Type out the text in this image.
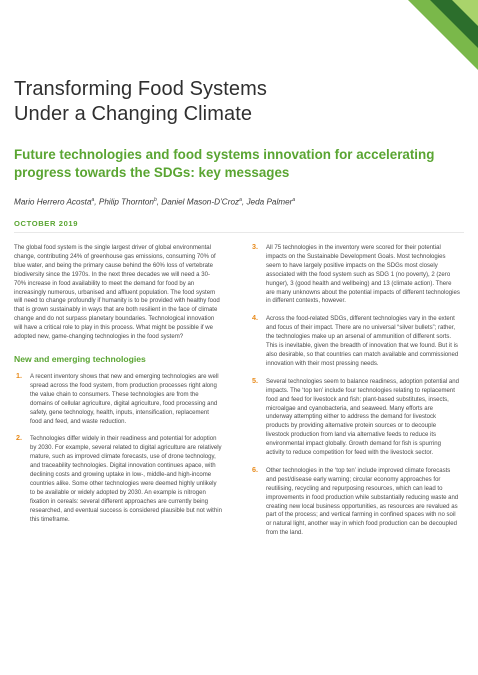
Transforming Food Systems
Under a Changing Climate
Future technologies and food systems innovation for accelerating progress towards the SDGs: key messages
Mario Herrero Acosta$^a$, Philip Thornton$^b$, Daniel Mason-D’Croz$^a$, Jeda Palmer$^a$
OCTOBER 2019

The global food system is the single largest driver of global environmental change, contributing 24% of greenhouse gas emissions, consuming 70% of blue water, and being the primary cause behind the 60% loss of vertebrate biodiversity since the 1970s. In the next three decades we will need a 30-70% increase in food availability to meet the demand for food by an increasingly numerous, urbanised and affluent population. The food system will need to change profoundly if humanity is to be provided with healthy food that is grown sustainably in ways that are both resilient in the face of climate change and do not surpass planetary boundaries. Technological innovation will have a critical role to play in this process. What might be possible if we adopted new, game-changing technologies in the food system?

New and emerging technologies
1. A recent inventory shows that new and emerging technologies are well spread across the food system, from production processes right along the value chain to consumers. These technologies are from the domains of cellular agriculture, digital agriculture, food processing and safety, gene technology, health, inputs, intensification, replacement food and feed, and waste reduction.
2. Technologies differ widely in their readiness and potential for adoption by 2030. For example, several related to digital agriculture are relatively mature, such as improved climate forecasts, use of drone technology, and traceability technologies. Digital innovation continues apace, with declining costs and growing uptake in low-, middle-and high-income countries alike. Some other technologies were deemed highly unlikely to be available or widely adopted by 2030. An example is nitrogen fixation in cereals: several different approaches are currently being researched, and eventual success is considered plausible but not within this timeframe.
3. All 75 technologies in the inventory were scored for their potential impacts on the Sustainable Development Goals. Most technologies seem to have largely positive impacts on the SDGs most closely associated with the food system such as SDG 1 (no poverty), 2 (zero hunger), 3 (good health and wellbeing) and 13 (climate action). There are many unknowns about the potential impacts of different technologies in different contexts, however.
4. Across the food-related SDGs, different technologies vary in the extent and focus of their impact. There are no universal “silver bullets”; rather, the technologies make up an arsenal of ammunition of different sorts. This is inevitable, given the breadth of innovation that we found. But it is also desirable, so that countries can match available and commissioned innovation with their most pressing needs.
5. Several technologies seem to balance readiness, adoption potential and impacts. The ‘top ten’ include four technologies relating to replacement food and feed for livestock and fish: plant-based substitutes, insects, microalgae and cyanobacteria, and seaweed. Many efforts are underway attempting either to address the demand for livestock products by providing alternative protein sources or to decouple livestock production from land via alternative feeds to reduce its environmental impact globally. Growth demand for fish is spurring activity to reduce competition for feed with the livestock sector.
6. Other technologies in the ‘top ten’ include improved climate forecasts and pest/disease early warning; circular economy approaches for reutilising, recycling and repurposing resources, which can lead to improvements in food production while substantially reducing waste and creating new local business opportunities, as resources are revalued as part of the process; and vertical farming in confined spaces with no soil or natural light, another way in which food production can be decoupled from the land.
